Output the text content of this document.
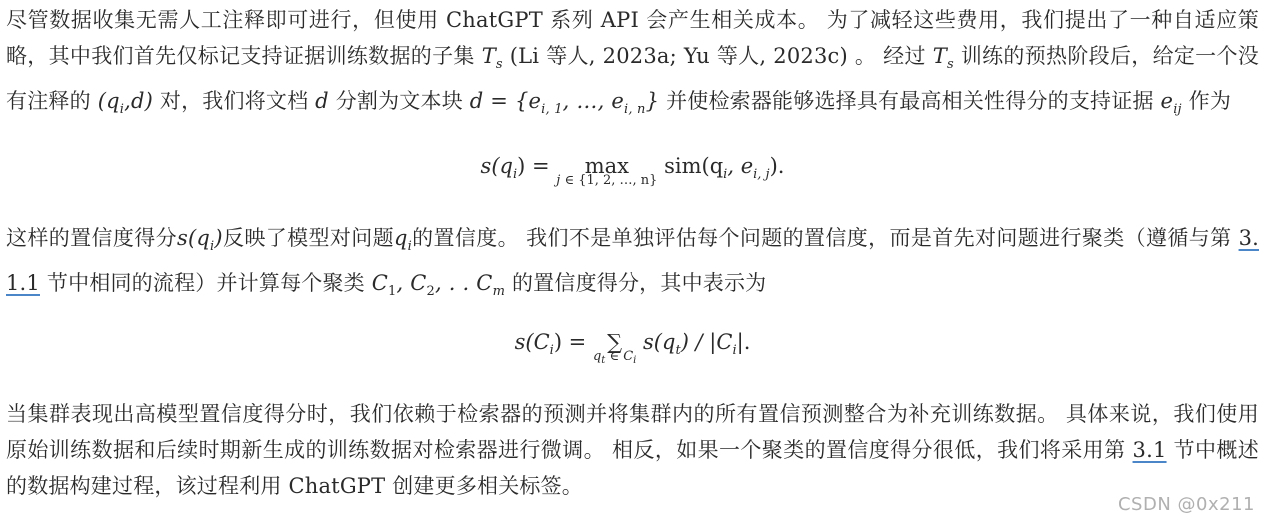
尽管数据收集无需人工注释即可进行，但使用 ChatGPT 系列 API 会产生相关成本。 为了减轻这些费用，我们提出了一种自适应策略，其中我们首先仅标记支持证据训练数据的子集 $T_s$ (Li 等人, 2023a; Yu 等人, 2023c) 。 经过 $T_s$ 训练的预热阶段后，给定一个没有注释的 $(q_i,d)$ 对，我们将文档 d 分割为文本块 $d = \{e_{i, 1}$, …, $e_{i, n}$} 并使检索器能够选择具有最高相关性得分的支持证据 $e_{ij}$ 作为

$s(q_i)$ =	max
j ∈ {1, 2, …, n}
$sim(q_i$, $e_{i, j}$).

这样的置信度得分$s(q_i)$反映了模型对问题$q_i$的置信度。 我们不是单独评估每个问题的置信度，而是首先对问题进行聚类（遵循与第 3.1.1 节中相同的流程）并计算每个聚类 $C_1$, $C_2$, . . $C_m$ 的置信度得分，其中表示为

$s(C_i)$ = ∑
$q_t$ ∈ $C_i$
$s(q_t) / |C_i|$.

当集群表现出高模型置信度得分时，我们依赖于检索器的预测并将集群内的所有置信预测整合为补充训练数据。 具体来说，我们使用原始训练数据和后续时期新生成的训练数据对检索器进行微调。 相反，如果一个聚类的置信度得分很低，我们将采用第 3.1 节中概述的数据构建过程，该过程利用 ChatGPT 创建更多相关标签。

CSDN @0x211
